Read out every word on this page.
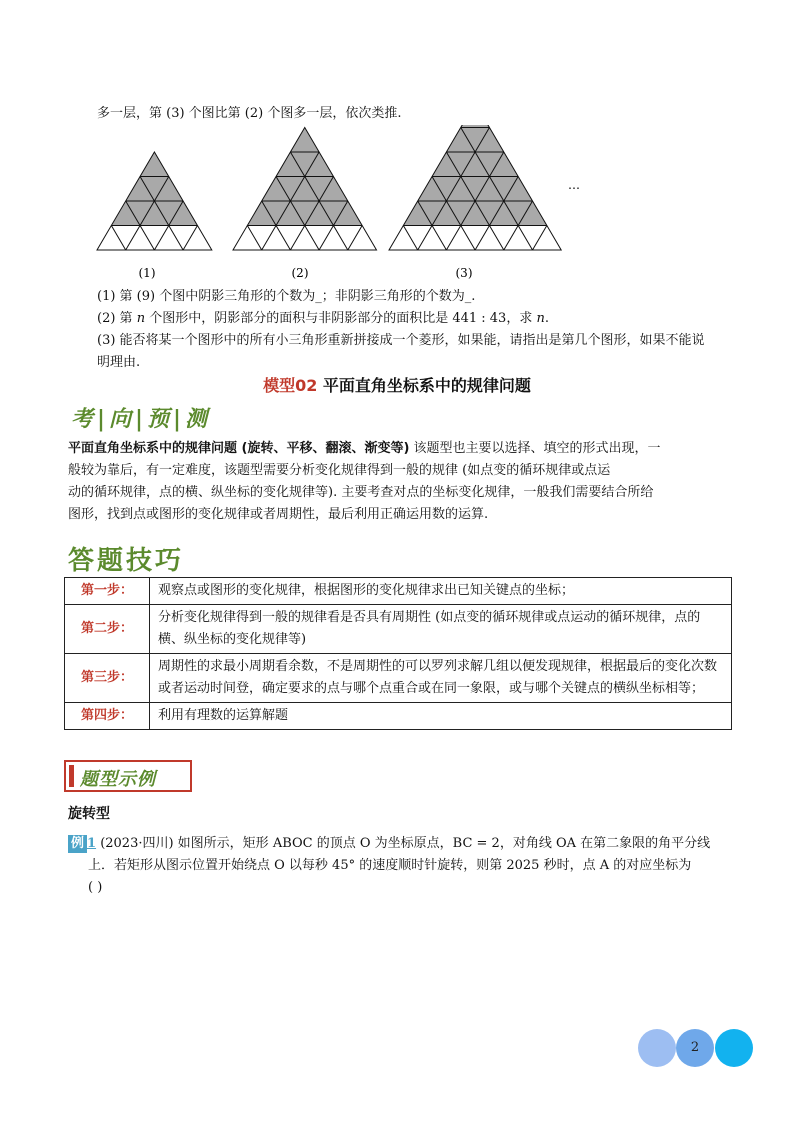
多一层，第 (3) 个图比第 (2) 个图多一层，依次类推.
(1)	(2)	(3)
…

(1) 第 (9) 个图中阴影三角形的个数为_；非阴影三角形的个数为_.

(2) 第 n 个图形中，阴影部分的面积与非阴影部分的面积比是 441 : 43，求 n.

(3) 能否将某一个图形中的所有小三角形重新拼接成一个菱形，如果能，请指出是第几个图形，如果不能说

明理由.

模型02 平面直角坐标系中的规律问题
考|向|预|测

平面直角坐标系中的规律问题 (旋转、平移、翻滚、渐变等) 该题型也主要以选择、填空的形式出现，一

般较为靠后，有一定难度，该题型需要分析变化规律得到一般的规律 (如点变的循环规律或点运

动的循环规律，点的横、纵坐标的变化规律等). 主要考查对点的坐标变化规律，一般我们需要结合所给

图形，找到点或图形的变化规律或者周期性，最后利用正确运用数的运算.

答题技巧
第一步：	观察点或图形的变化规律，根据图形的变化规律求出已知关键点的坐标；
第二步：	分析变化规律得到一般的规律看是否具有周期性 (如点变的循环规律或点运动的循环规律，点的横、纵坐标的变化规律等)
第三步：	周期性的求最小周期看余数，不是周期性的可以罗列求解几组以便发现规律，根据最后的变化次数或者运动时间登，确定要求的点与哪个点重合或在同一象限，或与哪个关键点的横纵坐标相等；
第四步：	利用有理数的运算解题
题型示例
旋转型

例 1 (2023·四川) 如图所示，矩形 ABOC 的顶点 O 为坐标原点，BC = 2，对角线 OA 在第二象限的角平分线

上．若矩形从图示位置开始绕点 O 以每秒 45° 的速度顺时针旋转，则第 2025 秒时，点 A 的对应坐标为

( )

2
